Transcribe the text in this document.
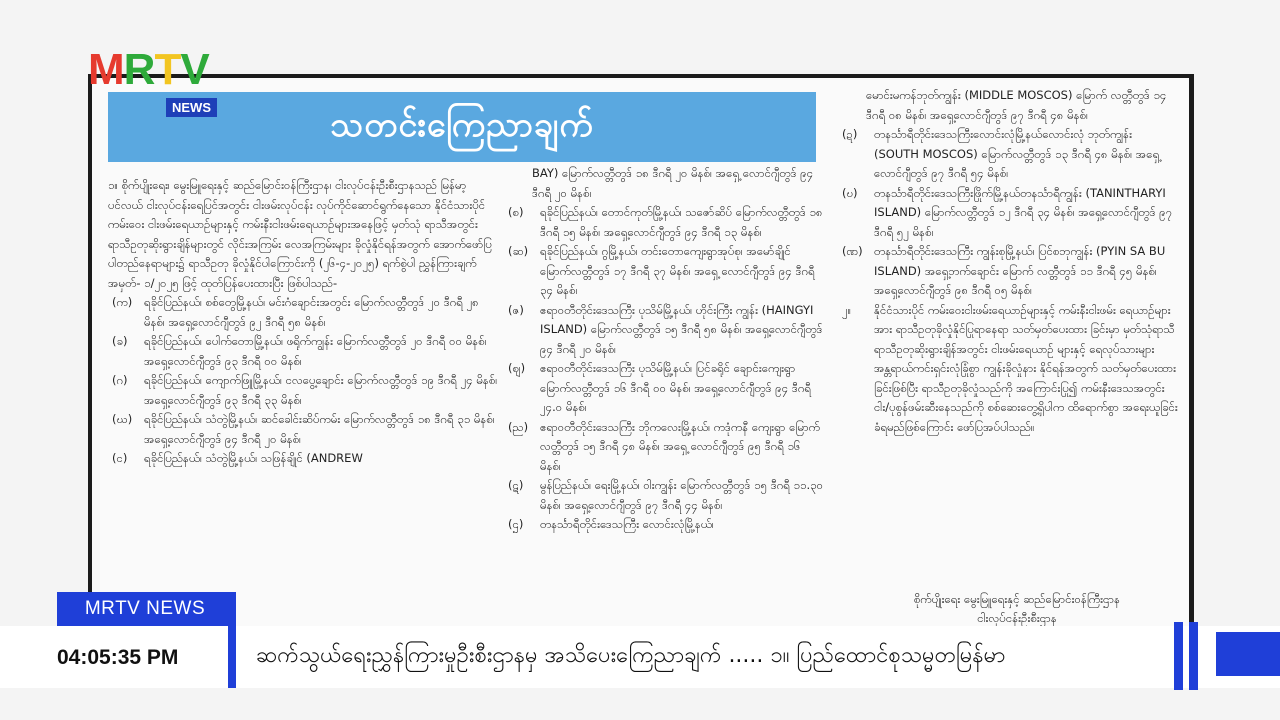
MRTV
NEWS	သတင်းကြေညာချက်

၁။ စိုက်ပျိုးရေး၊ မွေးမြူရေးနှင့် ဆည်မြောင်းဝန်ကြီးဌာန၊ ငါးလုပ်ငန်းဦးစီးဌာနသည် မြန်မာ့ပင်လယ် ငါးလုပ်ငန်းရေပြင်အတွင်း ငါးဖမ်းလုပ်ငန်း လုပ်ကိုင်ဆောင်ရွက်နေသော နိုင်ငံသားပိုင် ကမ်းဝေး ငါးဖမ်းရေယာဉ်များနှင့် ကမ်းနီးငါးဖမ်းရေယာဉ်များအနေဖြင့် မှတ်သုံ ရာသီအတွင်း ရာသီဥတုဆိုးရွားချိန်များတွင် လိုင်းအကြမ်း လေအကြမ်းများ ခိုလှုံနိုင်ရန်အတွက် အောက်ဖော်ပြပါတည်နေရာများ၌ ရာသီဥတု ခိုလှုံနိုင်ပါကြောင်းကို (၂၆-၄-၂၀၂၅) ရက်စွဲပါ ညွှန်ကြားချက်အမှတ်- ၁/၂၀၂၅ ဖြင့် ထုတ်ပြန်ပေးထားပြီး ဖြစ်ပါသည်-

(က)	ရခိုင်ပြည်နယ်၊ စစ်တွေမြို့နယ်၊ မင်းဂံချောင်းအတွင်း မြောက်လတ္တီတွဒ် ၂၀ ဒီဂရီ ၂၈ မိနစ်၊ အရှေ့လောင်ဂျီတွဒ် ၉၂ ဒီဂရီ ၅၈ မိနစ်၊
(ခ)	ရခိုင်ပြည်နယ်၊ ပေါက်တောမြို့နယ်၊ ဖရိုက်ကျွန်း မြောက်လတ္တီတွဒ် ၂၀ ဒီဂရီ ၀၀ မိနစ်၊ အရှေ့လောင်ဂျီတွဒ် ၉၃ ဒီဂရီ ၀၀ မိနစ်၊
(ဂ)	ရခိုင်ပြည်နယ်၊ ကျောက်ဖြူမြို့နယ်၊ ငလပွေ့ချောင်း မြောက်လတ္တီတွဒ် ၁၉ ဒီဂရီ ၂၄ မိနစ်၊ အရှေ့လောင်ဂျီတွဒ် ၉၃ ဒီဂရီ ၃၃ မိနစ်၊
(ဃ)	ရခိုင်ပြည်နယ်၊ သံတွဲမြို့နယ်၊ ဆင်ခေါင်းဆိပ်ကမ်း မြောက်လတ္တီတွဒ် ၁၈ ဒီဂရီ ၃၁ မိနစ်၊ အရှေ့လောင်ဂျီတွဒ် ၉၄ ဒီဂရီ ၂၀ မိနစ်၊
(င)	ရခိုင်ပြည်နယ်၊ သံတွဲမြို့နယ်၊ သဖြန်ချိုင် (ANDREW

BAY) မြောက်လတ္တီတွဒ် ၁၈ ဒီဂရီ ၂၀ မိနစ်၊ အရှေ့ လောင်ဂျီတွဒ် ၉၄ ဒီဂရီ ၂၀ မိနစ်၊

(စ)	ရခိုင်ပြည်နယ်၊ တောင်ကုတ်မြို့နယ်၊ သဇော်ဆိပ် မြောက်လတ္တီတွဒ် ၁၈ ဒီဂရီ ၁၅ မိနစ်၊ အရှေ့လောင်ဂျီတွဒ် ၉၄ ဒီဂရီ ၁၃ မိနစ်၊
(ဆ)	ရခိုင်ပြည်နယ်၊ ဂွမြို့နယ်၊ တင်းတောကျေးရွာအုပ်စု၊ အမော်ချိုင် မြောက်လတ္တီတွဒ် ၁၇ ဒီဂရီ ၃၇ မိနစ်၊ အရှေ့ လောင်ဂျီတွဒ် ၉၄ ဒီဂရီ ၃၄ မိနစ်၊
(ဇ)	ဧရာဝတီတိုင်းဒေသကြီး ပုသိမ်မြို့နယ်၊ ဟိုင်းကြီး ကျွန်း (HAINGYI ISLAND) မြောက်လတ္တီတွဒ် ၁၅ ဒီဂရီ ၅၈ မိနစ်၊ အရှေ့လောင်ဂျီတွဒ် ၉၄ ဒီဂရီ ၂၀ မိနစ်၊
(ဈ)	ဧရာဝတီတိုင်းဒေသကြီး ပုသိမ်မြို့နယ်၊ ပြင်ခရိုင် ချောင်းကျေးရွာ မြောက်လတ္တီတွဒ် ၁၆ ဒီဂရီ ၀၀ မိနစ်၊ အရှေ့လောင်ဂျီတွဒ် ၉၄ ဒီဂရီ ၂၄.၀ မိနစ်၊
(ည)	ဧရာဝတီတိုင်းဒေသကြီး ဘိုကလေးမြို့နယ်၊ ကဒုံကနီ ကျေးရွာ မြောက်လတ္တီတွဒ် ၁၅ ဒီဂရီ ၄၈ မိနစ်၊ အရှေ့ လောင်ဂျီတွဒ် ၉၅ ဒီဂရီ ၁၆ မိနစ်၊
(ဋ)	မွန်ပြည်နယ်၊ ရေးမြို့နယ်၊ ဝါးကျွန်း မြောက်လတ္တီတွဒ် ၁၅ ဒီဂရီ ၁၁.၃၀ မိနစ်၊ အရှေ့လောင်ဂျီတွဒ် ၉၇ ဒီဂရီ ၄၄ မိနစ်၊
(ဌ)	တနင်္သာရီတိုင်းဒေသကြီး လောင်းလုံမြို့နယ်၊

မောင်းမကန်ဘုတ်ကျွန်း (MIDDLE MOSCOS) မြောက် လတ္တီတွဒ် ၁၄ ဒီဂရီ ၀၈ မိနစ်၊ အရှေ့လောင်ဂျီတွဒ် ၉၇ ဒီဂရီ ၄၈ မိနစ်၊

(ဍ)	တနင်္သာရီတိုင်းဒေသကြီးလောင်းလုံမြို့နယ်လောင်းလုံ ဘုတ်ကျွန်း (SOUTH MOSCOS) မြောက်လတ္တီတွဒ် ၁၃ ဒီဂရီ ၄၈ မိနစ်၊ အရှေ့လောင်ဂျီတွဒ် ၉၇ ဒီဂရီ ၅၄ မိနစ်၊
(ဎ)	တနင်္သာရီတိုင်းဒေသကြီးဖြိုက်မြို့နယ်တနင်္သာရီကျွန်း (TANINTHARYI ISLAND) မြောက်လတ္တီတွဒ် ၁၂ ဒီဂရီ ၃၄ မိနစ်၊ အရှေ့လောင်ဂျီတွဒ် ၉၇ ဒီဂရီ ၅၂ မိနစ်၊
(ဏ) တနင်္သာရီတိုင်းဒေသကြီး ကျွန်းစုမြို့နယ်၊ ပြင်စဘုကျွန်း (PYIN SA BU ISLAND) အရှေ့ဘက်ချောင်း မြောက် လတ္တီတွဒ် ၁၁ ဒီဂရီ ၄၅ မိနစ်၊ အရှေ့လောင်ဂျီတွဒ် ၉၈ ဒီဂရီ ၀၅ မိနစ်၊
၂။	နိုင်ငံသားပိုင် ကမ်းဝေးငါးဖမ်းရေယာဉ်များနှင့် ကမ်းနီးငါးဖမ်း ရေယာဉ်များအား ရာသီဥတုခိုလှုံနိုင်ပြုရာနေရာ သတ်မှတ်ပေးထား ခြင်းမှာ မှတ်သုံရာသီ ရာသီဥတုဆိုးရွားချိန်အတွင်း ငါးဖမ်းရေယာဉ် များနှင့် ရေလုပ်သားများ အန္တရာယ်ကင်းရှင်းလုံခြုံစွာ ကျွန်းခိုလှုံနား နိုင်ရန်အတွက် သတ်မှတ်ပေးထားခြင်းဖြစ်ပြီး ရာသီဥတုခိုလှုံသည်ကို အကြောင်းပြု၍ ကမ်းနီးဒေသအတွင်း ငါး/ပုစွန်ဖမ်းဆီးနေသည်ကို စစ်ဆေးတွေ့ရှိပါက ထိရောက်စွာ အရေးယူခြင်းခံရမည်ဖြစ်ကြောင်း ဖော်ပြအပ်ပါသည်။
စိုက်ပျိုးရေး မွေးမြူရေးနှင့် ဆည်မြောင်းဝန်ကြီးဌာန
ငါးလုပ်ငန်းဦးစီးဌာန
MRTV NEWS
04:05:35 PM	ဆက်သွယ်ရေးညွှန်ကြားမှုဦးစီးဌာနမှ အသိပေးကြေညာချက် ..... ၁။ ပြည်ထောင်စုသမ္မတမြန်မာ
